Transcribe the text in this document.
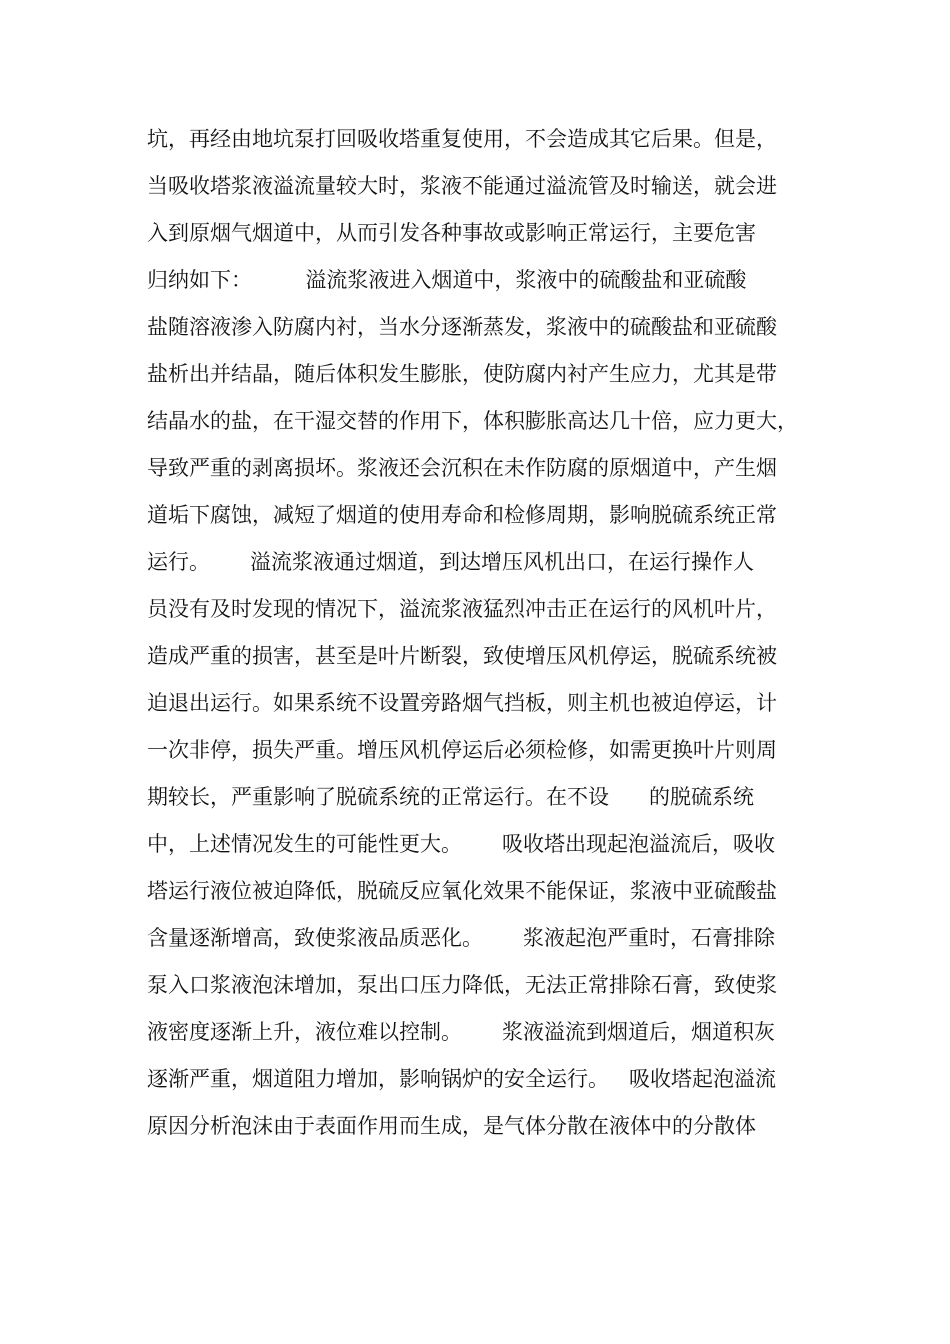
坑，再经由地坑泵打回吸收塔重复使用，不会造成其它后果。但是，
当吸收塔浆液溢流量较大时，浆液不能通过溢流管及时输送，就会进
入到原烟气烟道中，从而引发各种事故或影响正常运行，主要危害
归纳如下：        溢流浆液进入烟道中，浆液中的硫酸盐和亚硫酸
盐随溶液渗入防腐内衬，当水分逐渐蒸发，浆液中的硫酸盐和亚硫酸
盐析出并结晶，随后体积发生膨胀，使防腐内衬产生应力，尤其是带
结晶水的盐，在干湿交替的作用下，体积膨胀高达几十倍，应力更大，
导致严重的剥离损坏。浆液还会沉积在未作防腐的原烟道中，产生烟
道垢下腐蚀，减短了烟道的使用寿命和检修周期，影响脱硫系统正常
运行。      溢流浆液通过烟道，到达增压风机出口，在运行操作人
员没有及时发现的情况下，溢流浆液猛烈冲击正在运行的风机叶片，
造成严重的损害，甚至是叶片断裂，致使增压风机停运，脱硫系统被
迫退出运行。如果系统不设置旁路烟气挡板，则主机也被迫停运，计
一次非停，损失严重。增压风机停运后必须检修，如需更换叶片则周
期较长，严重影响了脱硫系统的正常运行。在不设      的脱硫系统
中，上述情况发生的可能性更大。      吸收塔出现起泡溢流后，吸收
塔运行液位被迫降低，脱硫反应氧化效果不能保证，浆液中亚硫酸盐
含量逐渐增高，致使浆液品质恶化。      浆液起泡严重时，石膏排除
泵入口浆液泡沫增加，泵出口压力降低，无法正常排除石膏，致使浆
液密度逐渐上升，液位难以控制。      浆液溢流到烟道后，烟道积灰
逐渐严重，烟道阻力增加，影响锅炉的安全运行。   吸收塔起泡溢流
原因分析泡沫由于表面作用而生成，是气体分散在液体中的分散体
